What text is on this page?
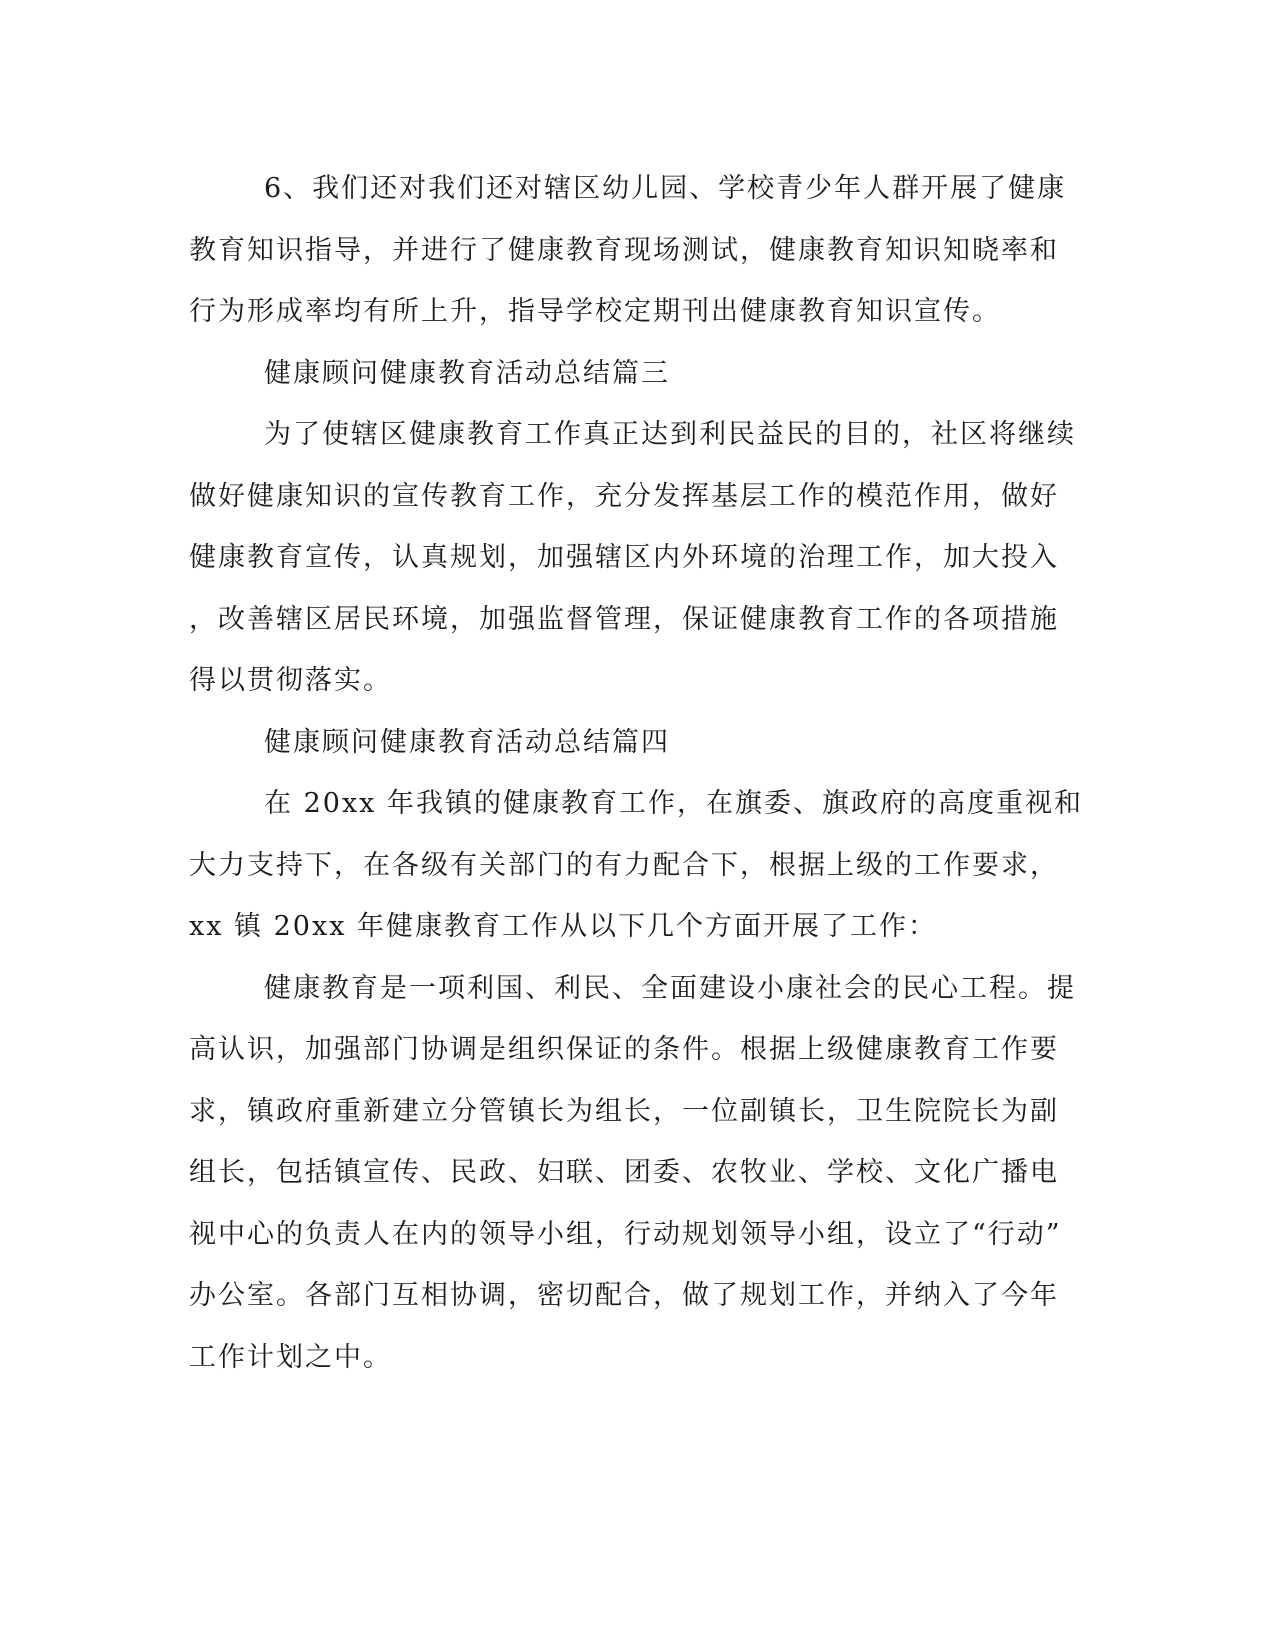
6、我们还对我们还对辖区幼儿园、学校青少年人群开展了健康
教育知识指导，并进行了健康教育现场测试，健康教育知识知晓率和
行为形成率均有所上升，指导学校定期刊出健康教育知识宣传。

健康顾问健康教育活动总结篇三

为了使辖区健康教育工作真正达到利民益民的目的，社区将继续
做好健康知识的宣传教育工作，充分发挥基层工作的模范作用，做好
健康教育宣传，认真规划，加强辖区内外环境的治理工作，加大投入
，改善辖区居民环境，加强监督管理，保证健康教育工作的各项措施
得以贯彻落实。

健康顾问健康教育活动总结篇四

在 20xx 年我镇的健康教育工作，在旗委、旗政府的高度重视和
大力支持下，在各级有关部门的有力配合下，根据上级的工作要求，
xx 镇 20xx 年健康教育工作从以下几个方面开展了工作：

健康教育是一项利国、利民、全面建设小康社会的民心工程。提
高认识，加强部门协调是组织保证的条件。根据上级健康教育工作要
求，镇政府重新建立分管镇长为组长，一位副镇长，卫生院院长为副
组长，包括镇宣传、民政、妇联、团委、农牧业、学校、文化广播电
视中心的负责人在内的领导小组，行动规划领导小组，设立了“行动”
办公室。各部门互相协调，密切配合，做了规划工作，并纳入了今年
工作计划之中。
